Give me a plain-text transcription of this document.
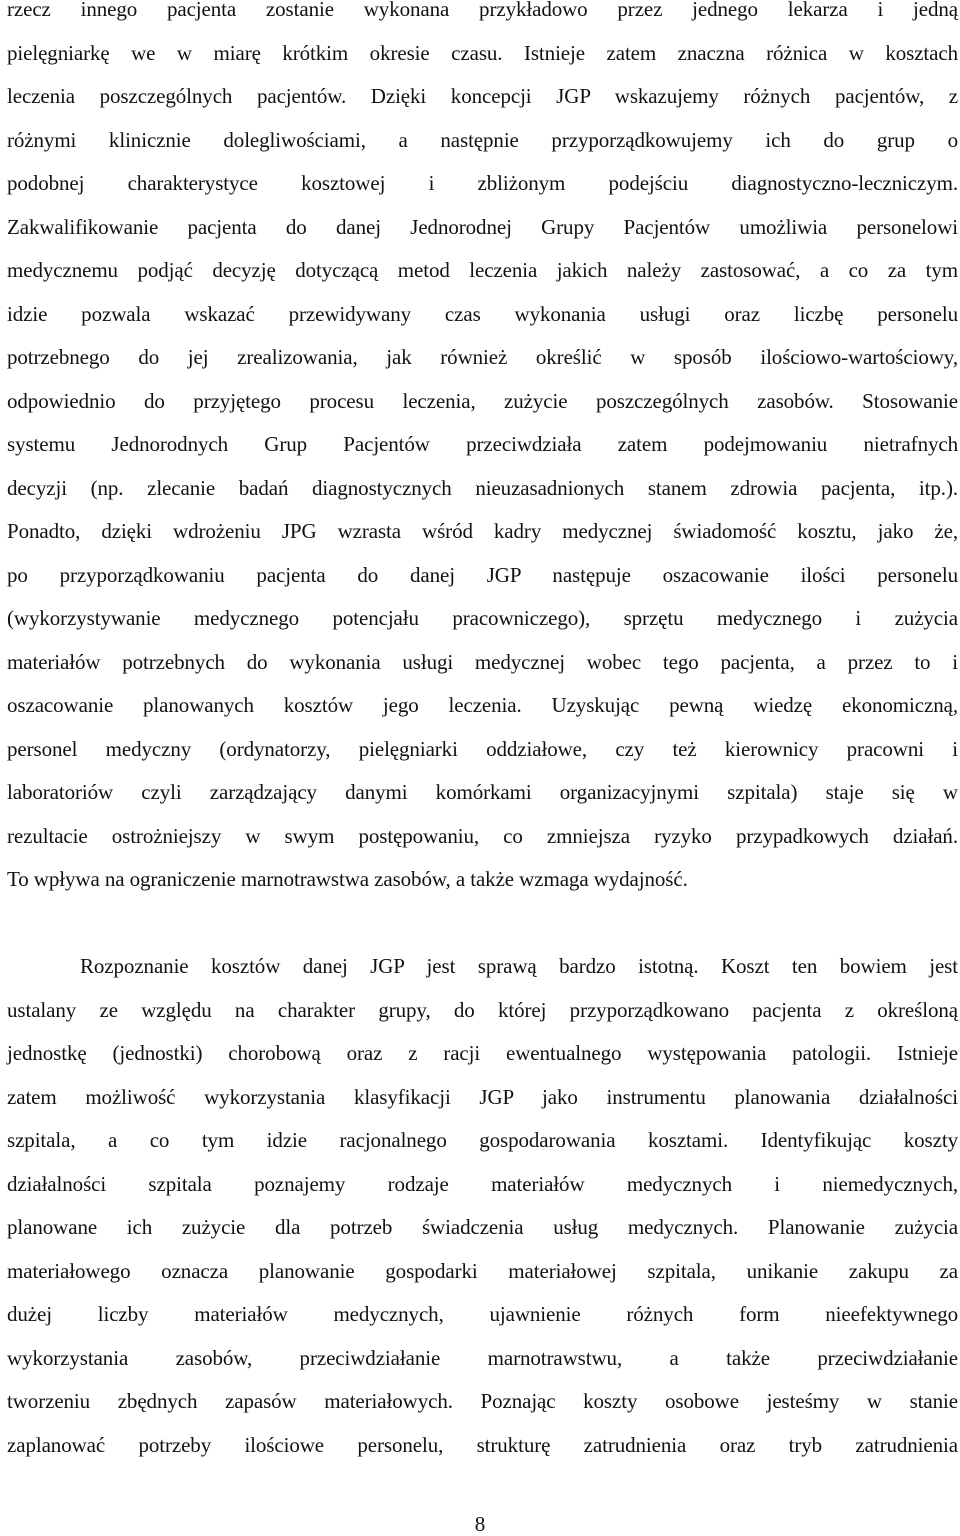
rzecz innego pacjenta zostanie wykonana przykładowo przez jednego lekarza i jedną
pielęgniarkę we w miarę krótkim okresie czasu. Istnieje zatem znaczna różnica w kosztach
leczenia poszczególnych pacjentów. Dzięki koncepcji JGP wskazujemy różnych pacjentów, z
różnymi klinicznie dolegliwościami, a następnie przyporządkowujemy ich do grup o
podobnej charakterystyce kosztowej i zbliżonym podejściu diagnostyczno-leczniczym.
Zakwalifikowanie pacjenta do danej Jednorodnej Grupy Pacjentów umożliwia personelowi
medycznemu podjąć decyzję dotyczącą metod leczenia jakich należy zastosować, a co za tym
idzie pozwala wskazać przewidywany czas wykonania usługi oraz liczbę personelu
potrzebnego do jej zrealizowania, jak również określić w sposób ilościowo-wartościowy,
odpowiednio do przyjętego procesu leczenia, zużycie poszczególnych zasobów. Stosowanie
systemu Jednorodnych Grup Pacjentów przeciwdziała zatem podejmowaniu nietrafnych
decyzji (np. zlecanie badań diagnostycznych nieuzasadnionych stanem zdrowia pacjenta, itp.).
Ponadto, dzięki wdrożeniu JPG wzrasta wśród kadry medycznej świadomość kosztu, jako że,
po przyporządkowaniu pacjenta do danej JGP następuje oszacowanie ilości personelu
(wykorzystywanie medycznego potencjału pracowniczego), sprzętu medycznego i zużycia
materiałów potrzebnych do wykonania usługi medycznej wobec tego pacjenta, a przez to i
oszacowanie planowanych kosztów jego leczenia. Uzyskując pewną wiedzę ekonomiczną,
personel medyczny (ordynatorzy, pielęgniarki oddziałowe, czy też kierownicy pracowni i
laboratoriów czyli zarządzający danymi komórkami organizacyjnymi szpitala) staje się w
rezultacie ostrożniejszy w swym postępowaniu, co zmniejsza ryzyko przypadkowych działań.
To wpływa na ograniczenie marnotrawstwa zasobów, a także wzmaga wydajność.
Rozpoznanie kosztów danej JGP jest sprawą bardzo istotną. Koszt ten bowiem jest
ustalany ze względu na charakter grupy, do której przyporządkowano pacjenta z określoną
jednostkę (jednostki) chorobową oraz z racji ewentualnego występowania patologii. Istnieje
zatem możliwość wykorzystania klasyfikacji JGP jako instrumentu planowania działalności
szpitala, a co tym idzie racjonalnego gospodarowania kosztami. Identyfikując koszty
działalności szpitala poznajemy rodzaje materiałów medycznych i niemedycznych,
planowane ich zużycie dla potrzeb świadczenia usług medycznych. Planowanie zużycia
materiałowego oznacza planowanie gospodarki materiałowej szpitala, unikanie zakupu za
dużej liczby materiałów medycznych, ujawnienie różnych form nieefektywnego
wykorzystania zasobów, przeciwdziałanie marnotrawstwu, a także przeciwdziałanie
tworzeniu zbędnych zapasów materiałowych. Poznając koszty osobowe jesteśmy w stanie
zaplanować potrzeby ilościowe personelu, strukturę zatrudnienia oraz tryb zatrudnienia
8
